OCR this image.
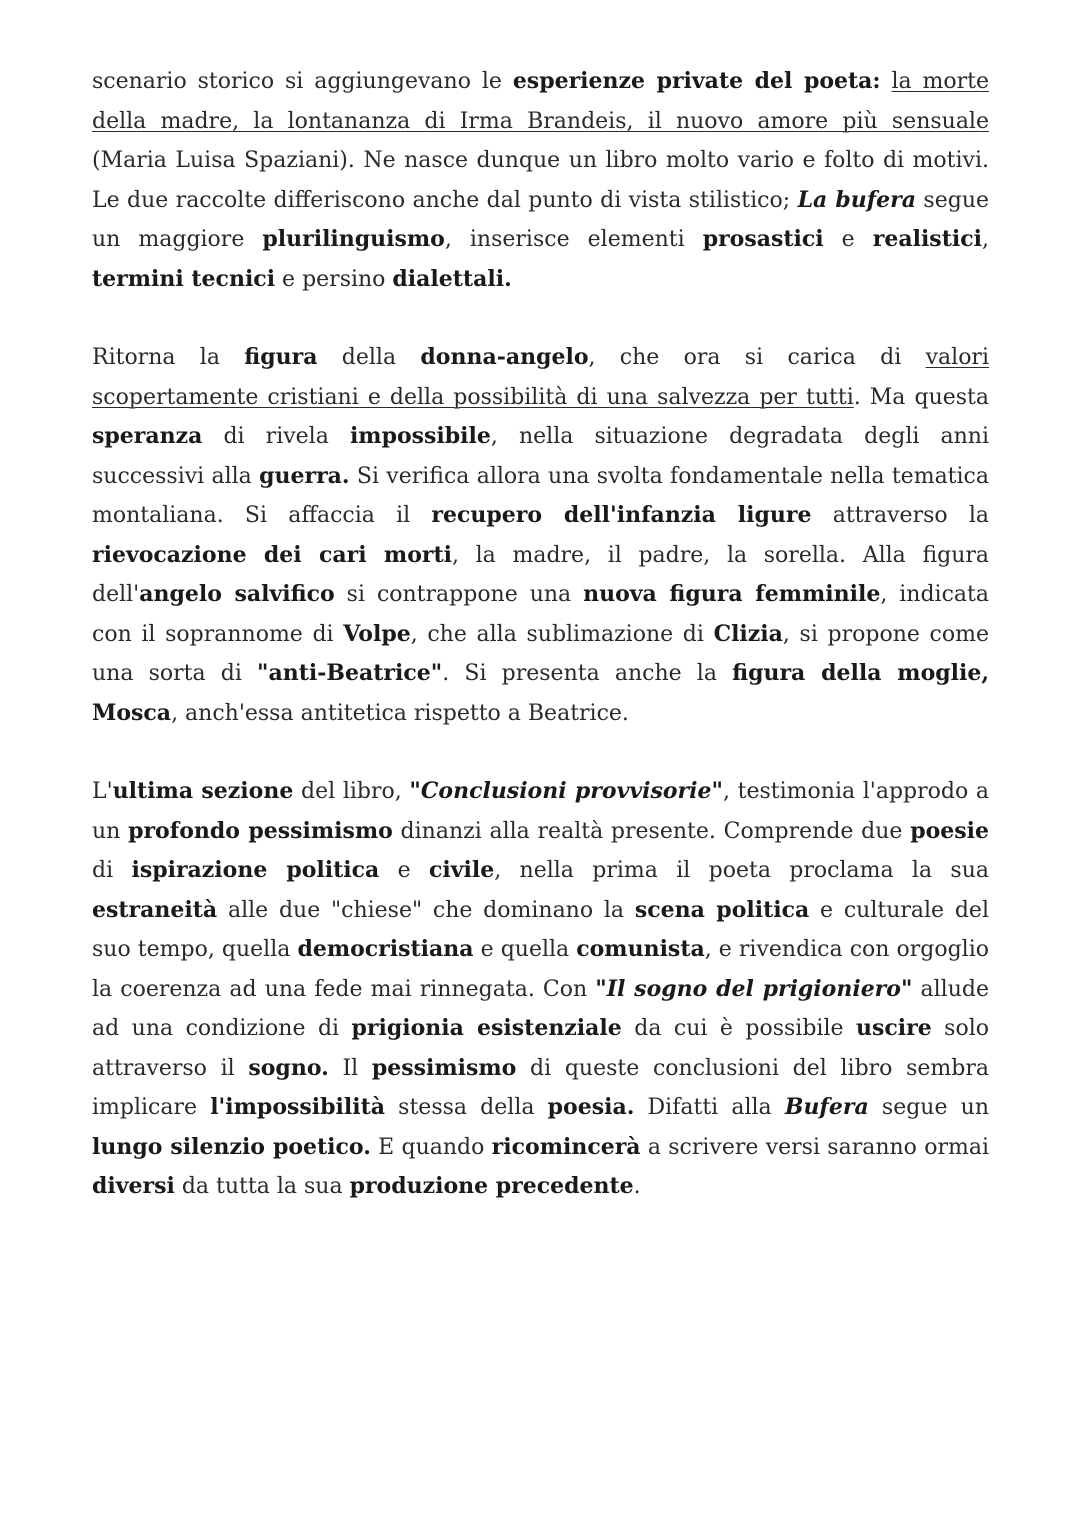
scenario storico si aggiungevano le esperienze private del poeta: la morte della madre, la lontananza di Irma Brandeis, il nuovo amore più sensuale (Maria Luisa Spaziani). Ne nasce dunque un libro molto vario e folto di motivi. Le due raccolte differiscono anche dal punto di vista stilistico; La bufera segue un maggiore plurilinguismo, inserisce elementi prosastici e realistici, termini tecnici e persino dialettali.

Ritorna la figura della donna-angelo, che ora si carica di valori scopertamente cristiani e della possibilità di una salvezza per tutti. Ma questa speranza di rivela impossibile, nella situazione degradata degli anni successivi alla guerra. Si verifica allora una svolta fondamentale nella tematica montaliana. Si affaccia il recupero dell'infanzia ligure attraverso la rievocazione dei cari morti, la madre, il padre, la sorella. Alla figura dell'angelo salvifico si contrappone una nuova figura femminile, indicata con il soprannome di Volpe, che alla sublimazione di Clizia, si propone come una sorta di "anti-Beatrice". Si presenta anche la figura della moglie, Mosca, anch'essa antitetica rispetto a Beatrice.

L'ultima sezione del libro, "Conclusioni provvisorie", testimonia l'approdo a un profondo pessimismo dinanzi alla realtà presente. Comprende due poesie di ispirazione politica e civile, nella prima il poeta proclama la sua estraneità alle due "chiese" che dominano la scena politica e culturale del suo tempo, quella democristiana e quella comunista, e rivendica con orgoglio la coerenza ad una fede mai rinnegata. Con "Il sogno del prigioniero" allude ad una condizione di prigionia esistenziale da cui è possibile uscire solo attraverso il sogno. Il pessimismo di queste conclusioni del libro sembra implicare l'impossibilità stessa della poesia. Difatti alla Bufera segue un lungo silenzio poetico. E quando ricomincerà a scrivere versi saranno ormai diversi da tutta la sua produzione precedente.
